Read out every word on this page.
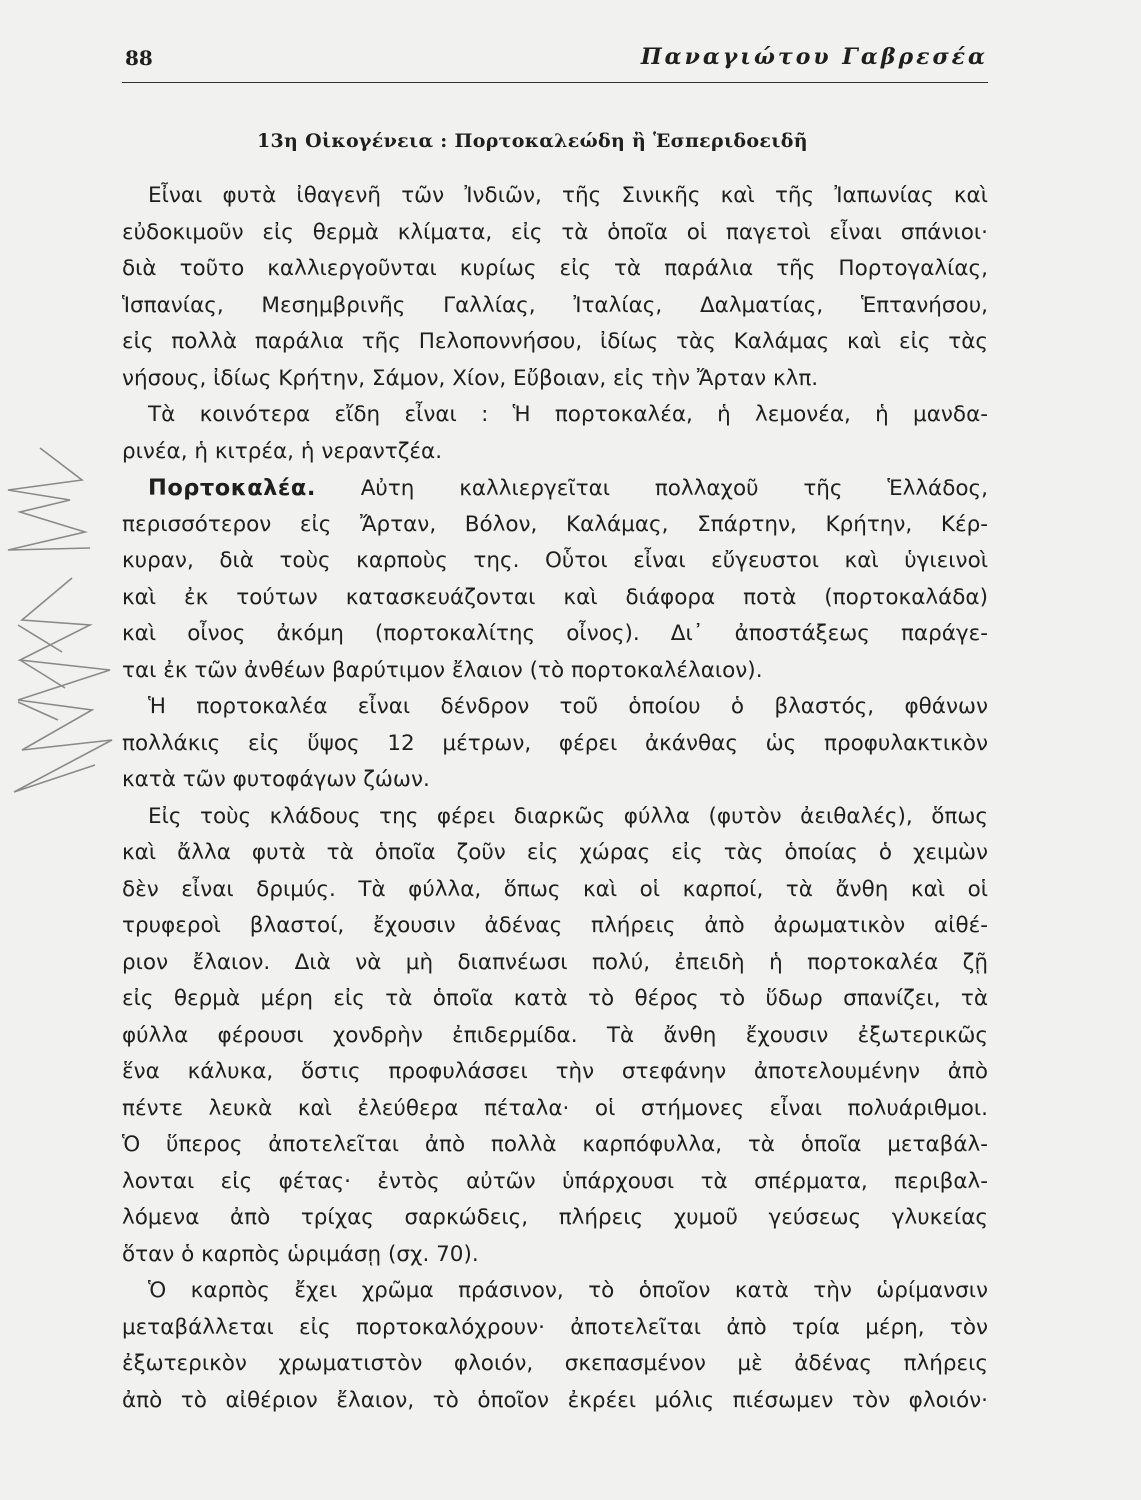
88	Παναγιώτου Γαβρεσέα
13η Οἰκογένεια : Πορτοκαλεώδη ἢ Ἑσπεριδοειδῆ
Εἶναι φυτὰ ἰθαγενῆ τῶν Ἰνδιῶν, τῆς Σινικῆς καὶ τῆς Ἰαπωνίας καὶ
εὐδοκιμοῦν εἰς θερμὰ κλίματα, εἰς τὰ ὁποῖα οἱ παγετοὶ εἶναι σπάνιοι·
διὰ τοῦτο καλλιεργοῦνται κυρίως εἰς τὰ παράλια τῆς Πορτογαλίας,
Ἱσπανίας, Μεσημβρινῆς Γαλλίας, Ἰταλίας, Δαλματίας, Ἑπτανήσου,
εἰς πολλὰ παράλια τῆς Πελοποννήσου, ἰδίως τὰς Καλάμας καὶ εἰς τὰς
νήσους, ἰδίως Κρήτην, Σάμον, Χίον, Εὔβοιαν, εἰς τὴν Ἄρταν κλπ.
Τὰ κοινότερα εἴδη εἶναι : Ἡ πορτοκαλέα, ἡ λεμονέα, ἡ μανδα-
ρινέα, ἡ κιτρέα, ἡ νεραντζέα.
Πορτοκαλέα. Αὐτη καλλιεργεῖται πολλαχοῦ τῆς Ἑλλάδος,
περισσότερον εἰς Ἄρταν, Βόλον, Καλάμας, Σπάρτην, Κρήτην, Κέρ-
κυραν, διὰ τοὺς καρποὺς της. Οὗτοι εἶναι εὔγευστοι καὶ ὑγιεινοὶ
καὶ ἐκ τούτων κατασκευάζονται καὶ διάφορα ποτὰ (πορτοκαλάδα)
καὶ οἶνος ἀκόμη (πορτοκαλίτης οἶνος). Δι᾽ ἀποστάξεως παράγε-
ται ἐκ τῶν ἀνθέων βαρύτιμον ἔλαιον (τὸ πορτοκαλέλαιον).
Ἡ πορτοκαλέα εἶναι δένδρον τοῦ ὁποίου ὁ βλαστός, φθάνων
πολλάκις εἰς ὕψος 12 μέτρων, φέρει ἀκάνθας ὡς προφυλακτικὸν
κατὰ τῶν φυτοφάγων ζώων.
Εἰς τοὺς κλάδους της φέρει διαρκῶς φύλλα (φυτὸν ἀειθαλές), ὅπως
καὶ ἄλλα φυτὰ τὰ ὁποῖα ζοῦν εἰς χώρας εἰς τὰς ὁποίας ὁ χειμὼν
δὲν εἶναι δριμύς. Τὰ φύλλα, ὅπως καὶ οἱ καρποί, τὰ ἄνθη καὶ οἱ
τρυφεροὶ βλαστοί, ἔχουσιν ἀδένας πλήρεις ἀπὸ ἀρωματικὸν αἰθέ-
ριον ἔλαιον. Διὰ νὰ μὴ διαπνέωσι πολύ, ἐπειδὴ ἡ πορτοκαλέα ζῇ
εἰς θερμὰ μέρη εἰς τὰ ὁποῖα κατὰ τὸ θέρος τὸ ὕδωρ σπανίζει, τὰ
φύλλα φέρουσι χονδρὴν ἐπιδερμίδα. Τὰ ἄνθη ἔχουσιν ἐξωτερικῶς
ἕνα κάλυκα, ὅστις προφυλάσσει τὴν στεφάνην ἀποτελουμένην ἀπὸ
πέντε λευκὰ καὶ ἐλεύθερα πέταλα· οἱ στήμονες εἶναι πολυάριθμοι.
Ὁ ὕπερος ἀποτελεῖται ἀπὸ πολλὰ καρπόφυλλα, τὰ ὁποῖα μεταβάλ-
λονται εἰς φέτας· ἐντὸς αὐτῶν ὑπάρχουσι τὰ σπέρματα, περιβαλ-
λόμενα ἀπὸ τρίχας σαρκώδεις, πλήρεις χυμοῦ γεύσεως γλυκείας
ὅταν ὁ καρπὸς ὡριμάσῃ (σχ. 70).
Ὁ καρπὸς ἔχει χρῶμα πράσινον, τὸ ὁποῖον κατὰ τὴν ὡρίμανσιν
μεταβάλλεται εἰς πορτοκαλόχρουν· ἀποτελεῖται ἀπὸ τρία μέρη, τὸν
ἐξωτερικὸν χρωματιστὸν φλοιόν, σκεπασμένον μὲ ἀδένας πλήρεις
ἀπὸ τὸ αἰθέριον ἔλαιον, τὸ ὁποῖον ἐκρέει μόλις πιέσωμεν τὸν φλοιόν·
